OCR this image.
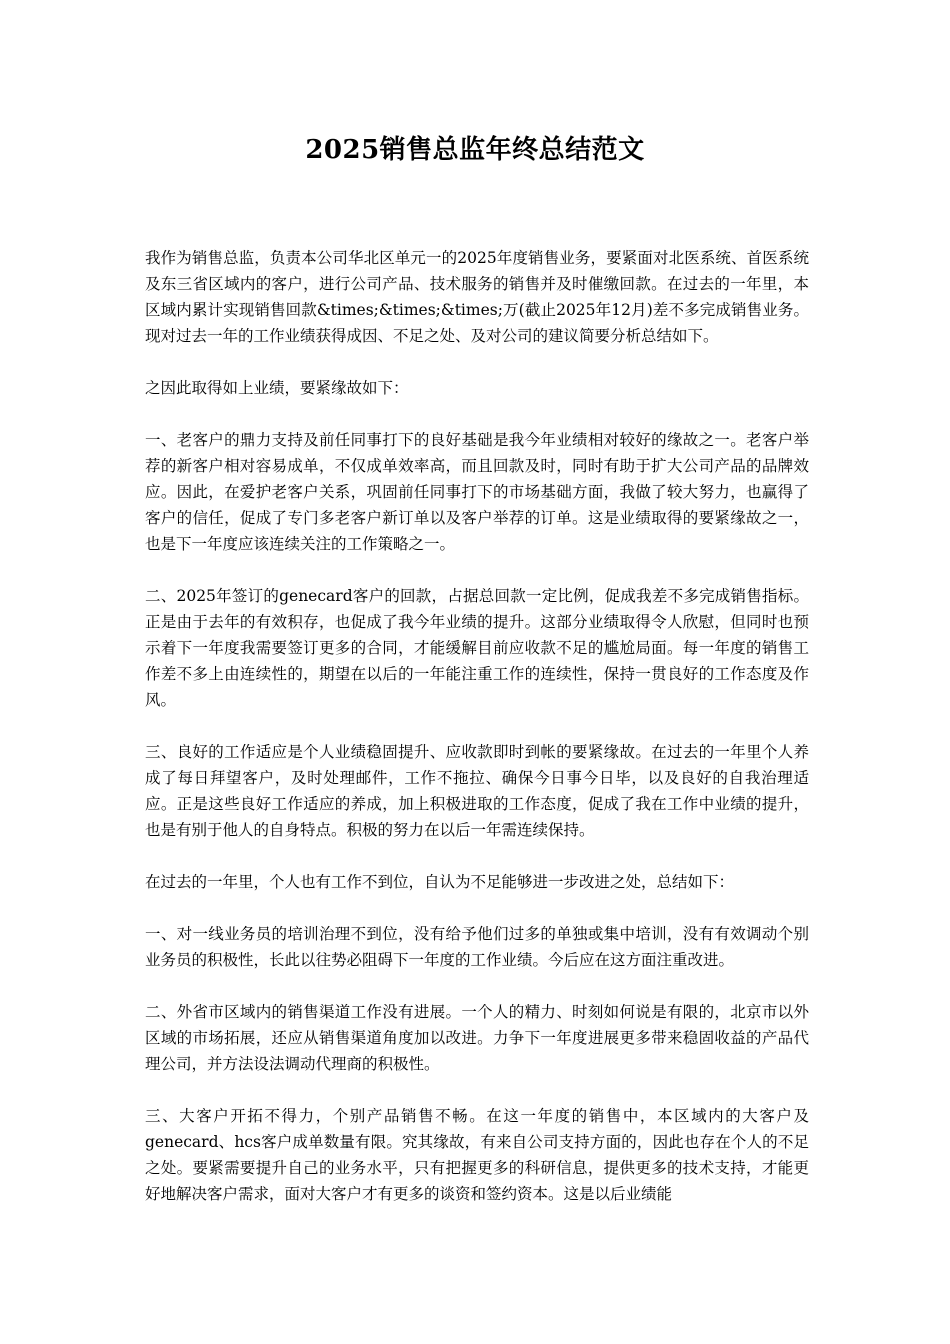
2025销售总监年终总结范文

我作为销售总监，负责本公司华北区单元一的2025年度销售业务，要紧面对北医系统、首医系统及东三省区域内的客户，进行公司产品、技术服务的销售并及时催缴回款。在过去的一年里，本区域内累计实现销售回款&times;&times;&times;万(截止2025年12月)差不多完成销售业务。现对过去一年的工作业绩获得成因、不足之处、及对公司的建议简要分析总结如下。

之因此取得如上业绩，要紧缘故如下：

一、老客户的鼎力支持及前任同事打下的良好基础是我今年业绩相对较好的缘故之一。老客户举荐的新客户相对容易成单，不仅成单效率高，而且回款及时，同时有助于扩大公司产品的品牌效应。因此，在爱护老客户关系，巩固前任同事打下的市场基础方面，我做了较大努力，也赢得了客户的信任，促成了专门多老客户新订单以及客户举荐的订单。这是业绩取得的要紧缘故之一，也是下一年度应该连续关注的工作策略之一。

二、2025年签订的genecard客户的回款，占据总回款一定比例，促成我差不多完成销售指标。正是由于去年的有效积存，也促成了我今年业绩的提升。这部分业绩取得令人欣慰，但同时也预示着下一年度我需要签订更多的合同，才能缓解目前应收款不足的尴尬局面。每一年度的销售工作差不多上由连续性的，期望在以后的一年能注重工作的连续性，保持一贯良好的工作态度及作风。

三、良好的工作适应是个人业绩稳固提升、应收款即时到帐的要紧缘故。在过去的一年里个人养成了每日拜望客户，及时处理邮件，工作不拖拉、确保今日事今日毕，以及良好的自我治理适应。正是这些良好工作适应的养成，加上积极进取的工作态度，促成了我在工作中业绩的提升，也是有别于他人的自身特点。积极的努力在以后一年需连续保持。

在过去的一年里，个人也有工作不到位，自认为不足能够进一步改进之处，总结如下：

一、对一线业务员的培训治理不到位，没有给予他们过多的单独或集中培训，没有有效调动个别业务员的积极性，长此以往势必阻碍下一年度的工作业绩。今后应在这方面注重改进。

二、外省市区域内的销售渠道工作没有进展。一个人的精力、时刻如何说是有限的，北京市以外区域的市场拓展，还应从销售渠道角度加以改进。力争下一年度进展更多带来稳固收益的产品代理公司，并方法设法调动代理商的积极性。

三、大客户开拓不得力，个别产品销售不畅。在这一年度的销售中，本区域内的大客户及genecard、hcs客户成单数量有限。究其缘故，有来自公司支持方面的，因此也存在个人的不足之处。要紧需要提升自己的业务水平，只有把握更多的科研信息，提供更多的技术支持，才能更好地解决客户需求，面对大客户才有更多的谈资和签约资本。这是以后业绩能
